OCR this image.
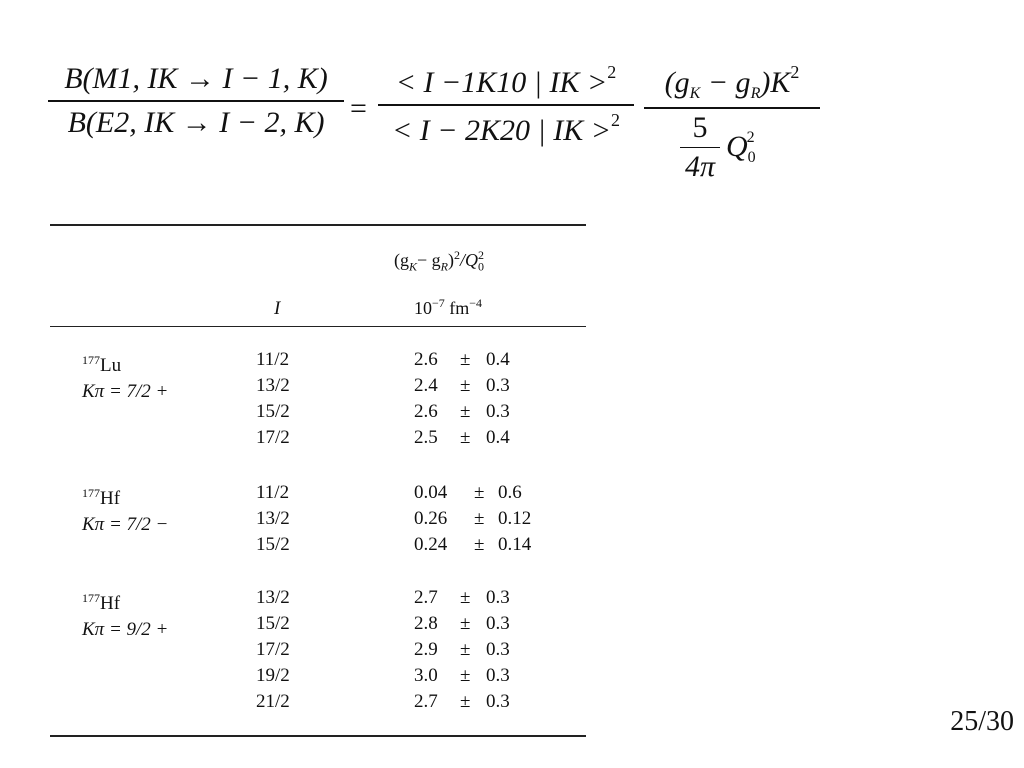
B(M1, IK → I − 1, K)
B(E2, IK → I − 2, K) =
< I −1K10 | IK >$^2$
< I − 2K20 | IK >$^2$
$(g_K - g_R)K^2$
5
4π
$Q_0^2$
$(g_K- g_R)^2/Q_0^2$
I	$10^{-7}$ $fm^{-4}$
$^{177}$Lu
Kπ = 7/2 +
11/2	2.6 ± 0.4
13/2	2.4 ± 0.3
15/2	2.6 ± 0.3
17/2	2.5 ± 0.4
$^{177}$Hf
Kπ = 7/2 −
11/2	0.04 ± 0.6
13/2	0.26 ± 0.12
15/2	0.24 ± 0.14
$^{177}$Hf
Kπ = 9/2 +
13/2	2.7 ± 0.3
15/2	2.8 ± 0.3
17/2	2.9 ± 0.3
19/2	3.0 ± 0.3
21/2	2.7 ± 0.3
25/30
